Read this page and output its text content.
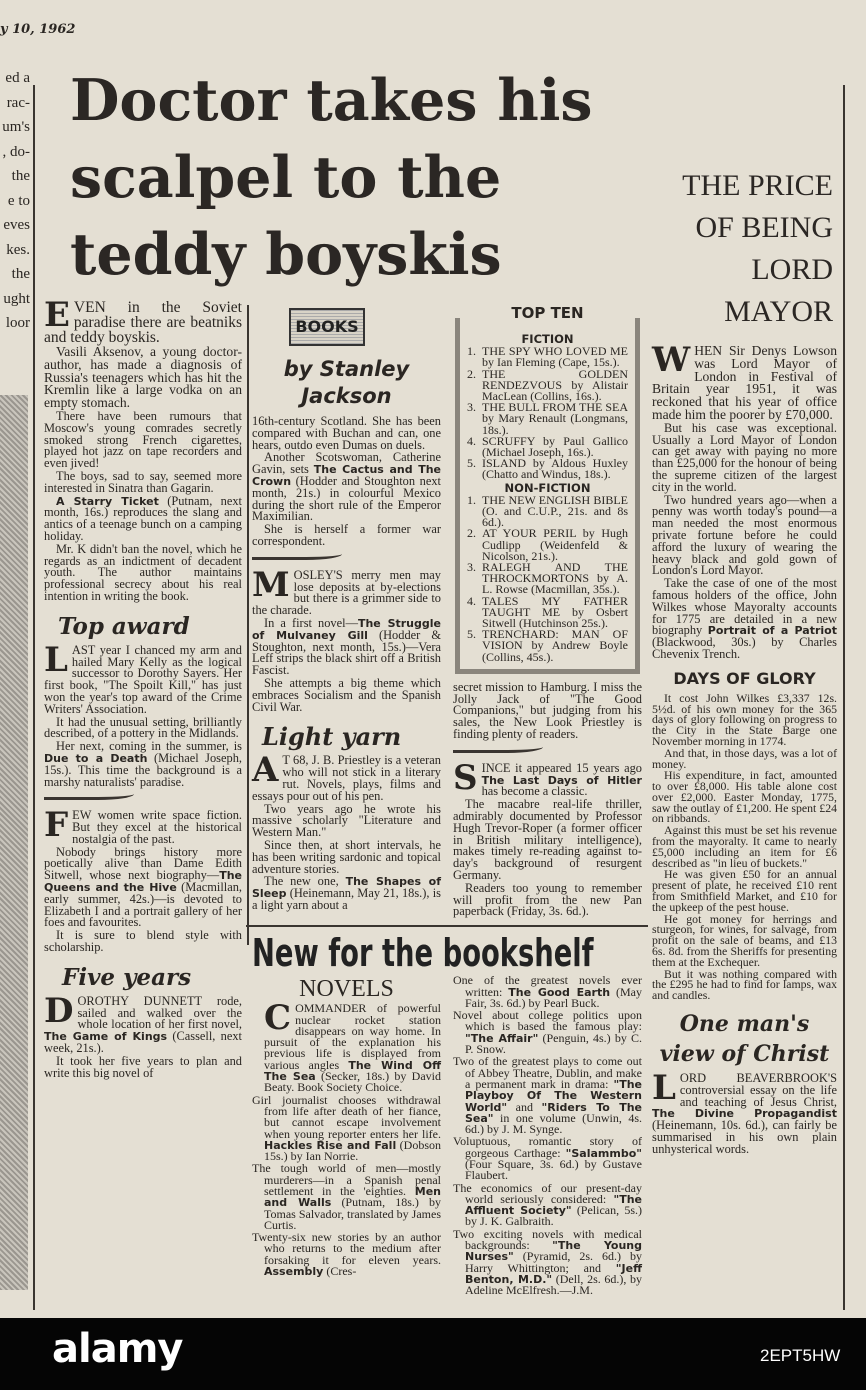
y 10, 1962
ed a
rac-
um's
, do-
the
e to
eves
kes.
the
ught
loor
Doctor takes his scalpel to the teddy boyskis
THE PRICE OF BEING LORD MAYOR

EVEN in the Soviet paradise there are beatniks and teddy boyskis.

Vasili Aksenov, a young doctor-author, has made a diagnosis of Russia's teenagers which has hit the Kremlin like a large vodka on an empty stomach.

There have been rumours that Moscow's young comrades secretly smoked strong French cigarettes, played hot jazz on tape recorders and even jived!

The boys, sad to say, seemed more interested in Sinatra than Gagarin.

A Starry Ticket (Putnam, next month, 16s.) reproduces the slang and antics of a teenage bunch on a camping holiday.

Mr. K didn't ban the novel, which he regards as an indictment of decadent youth. The author maintains professional secrecy about his real intention in writing the book.

Top award

LAST year I chanced my arm and hailed Mary Kelly as the logical successor to Dorothy Sayers. Her first book, "The Spoilt Kill," has just won the year's top award of the Crime Writers' Association.

It had the unusual setting, brilliantly described, of a pottery in the Midlands.

Her next, coming in the summer, is Due to a Death (Michael Joseph, 15s.). This time the background is a marshy naturalists' paradise.

FEW women write space fiction. But they excel at the historical nostalgia of the past.

Nobody brings history more poetically alive than Dame Edith Sitwell, whose next biography—The Queens and the Hive (Macmillan, early summer, 42s.)—is devoted to Elizabeth I and a portrait gallery of her foes and favourites.

It is sure to blend style with scholarship.

Five years

DOROTHY DUNNETT rode, sailed and walked over the whole location of her first novel, The Game of Kings (Cassell, next week, 21s.).

It took her five years to plan and write this big novel of

BOOKS
by Stanley Jackson

16th-century Scotland. She has been compared with Buchan and can, one hears, outdo even Dumas on duels.

Another Scotswoman, Catherine Gavin, sets The Cactus and The Crown (Hodder and Stoughton next month, 21s.) in colourful Mexico during the short rule of the Emperor Maximilian.

She is herself a former war correspondent.

MOSLEY'S merry men may lose deposits at by-elections but there is a grimmer side to the charade.

In a first novel—The Struggle of Mulvaney Gill (Hodder & Stoughton, next month, 15s.)—Vera Leff strips the black shirt off a British Fascist.

She attempts a big theme which embraces Socialism and the Spanish Civil War.

Light yarn

A T 68, J. B. Priestley is a veteran who will not stick in a literary rut. Novels, plays, films and essays pour out of his pen.

Two years ago he wrote his massive scholarly "Literature and Western Man."

Since then, at short intervals, he has been writing sardonic and topical adventure stories.

The new one, The Shapes of Sleep (Heinemann, May 21, 18s.), is a light yarn about a

TOP TEN
FICTION
1. THE SPY WHO LOVED ME by Ian Fleming (Cape, 15s.).
2. THE GOLDEN RENDEZVOUS by Alistair MacLean (Collins, 16s.).
3. THE BULL FROM THE SEA by Mary Renault (Longmans, 18s.).
4. SCRUFFY by Paul Gallico (Michael Joseph, 16s.).
5. ISLAND by Aldous Huxley (Chatto and Windus, 18s.).
NON-FICTION
1. THE NEW ENGLISH BIBLE (O. and C.U.P., 21s. and 8s 6d.).
2. AT YOUR PERIL by Hugh Cudlipp (Weidenfeld & Nicolson, 21s.).
3. RALEGH AND THE THROCKMORTONS by A. L. Rowse (Macmillan, 35s.).
4. TALES MY FATHER TAUGHT ME by Osbert Sitwell (Hutchinson 25s.).
5. TRENCHARD: MAN OF VISION by Andrew Boyle (Collins, 45s.).

secret mission to Hamburg. I miss the Jolly Jack of "The Good Companions," but judging from his sales, the New Look Priestley is finding plenty of readers.

SINCE it appeared 15 years ago The Last Days of Hitler has become a classic.

The macabre real-life thriller, admirably documented by Professor Hugh Trevor-Roper (a former officer in British military intelligence), makes timely re-reading against to-day's background of resurgent Germany.

Readers too young to remember will profit from the new Pan paperback (Friday, 3s. 6d.).

New for the bookshelf
NOVELS

COMMANDER of powerful nuclear rocket station disappears on way home. In pursuit of the explanation his previous life is displayed from various angles The Wind Off The Sea (Secker, 18s.) by David Beaty. Book Society Choice.

Girl journalist chooses withdrawal from life after death of her fiance, but cannot escape involvement when young reporter enters her life. Hackles Rise and Fall (Dobson 15s.) by Ian Norrie.

The tough world of men—mostly murderers—in a Spanish penal settlement in the 'eighties. Men and Walls (Putnam, 18s.) by Tomas Salvador, translated by James Curtis.

Twenty-six new stories by an author who returns to the medium after forsaking it for eleven years. Assembly (Cres-

One of the greatest novels ever written: The Good Earth (May Fair, 3s. 6d.) by Pearl Buck.

Novel about college politics upon which is based the famous play: "The Affair" (Penguin, 4s.) by C. P. Snow.

Two of the greatest plays to come out of Abbey Theatre, Dublin, and make a permanent mark in drama: "The Playboy Of The Western World" and "Riders To The Sea" in one volume (Unwin, 4s. 6d.) by J. M. Synge.

Voluptuous, romantic story of gorgeous Carthage: "Salammbo" (Four Square, 3s. 6d.) by Gustave Flaubert.

The economics of our present-day world seriously considered: "The Affluent Society" (Pelican, 5s.) by J. K. Galbraith.

Two exciting novels with medical backgrounds: "The Young Nurses" (Pyramid, 2s. 6d.) by Harry Whittington; and "Jeff Benton, M.D." (Dell, 2s. 6d.), by Adeline McElfresh.—J.M.

WHEN Sir Denys Lowson was Lord Mayor of London in Festival of Britain year 1951, it was reckoned that his year of office made him the poorer by £70,000.

But his case was exceptional. Usually a Lord Mayor of London can get away with paying no more than £25,000 for the honour of being the supreme citizen of the largest city in the world.

Two hundred years ago—when a penny was worth today's pound—a man needed the most enormous private fortune before he could afford the luxury of wearing the heavy black and gold gown of London's Lord Mayor.

Take the case of one of the most famous holders of the office, John Wilkes whose Mayoralty accounts for 1775 are detailed in a new biography Portrait of a Patriot (Blackwood, 30s.) by Charles Chevenix Trench.

DAYS OF GLORY

It cost John Wilkes £3,337 12s. 5½d. of his own money for the 365 days of glory following on progress to the City in the State Barge one November morning in 1774.

And that, in those days, was a lot of money.

His expenditure, in fact, amounted to over £8,000. His table alone cost over £2,000. Easter Monday, 1775, saw the outlay of £1,200. He spent £24 on ribbands.

Against this must be set his revenue from the mayoralty. It came to nearly £5,000 including an item for £6 described as "in lieu of buckets."

He was given £50 for an annual present of plate, he received £10 rent from Smithfield Market, and £10 for the upkeep of the pest house.

He got money for herrings and sturgeon, for wines, for salvage, from profit on the sale of beams, and £13 6s. 8d. from the Sheriffs for presenting them at the Exchequer.

But it was nothing compared with the £295 he had to find for lamps, wax and candles.

One man's view of Christ

LORD BEAVERBROOK'S controversial essay on the life and teaching of Jesus Christ, The Divine Propagandist (Heinemann, 10s. 6d.), can fairly be summarised in his own plain unhysterical words.

alamy	2EPT5HW
